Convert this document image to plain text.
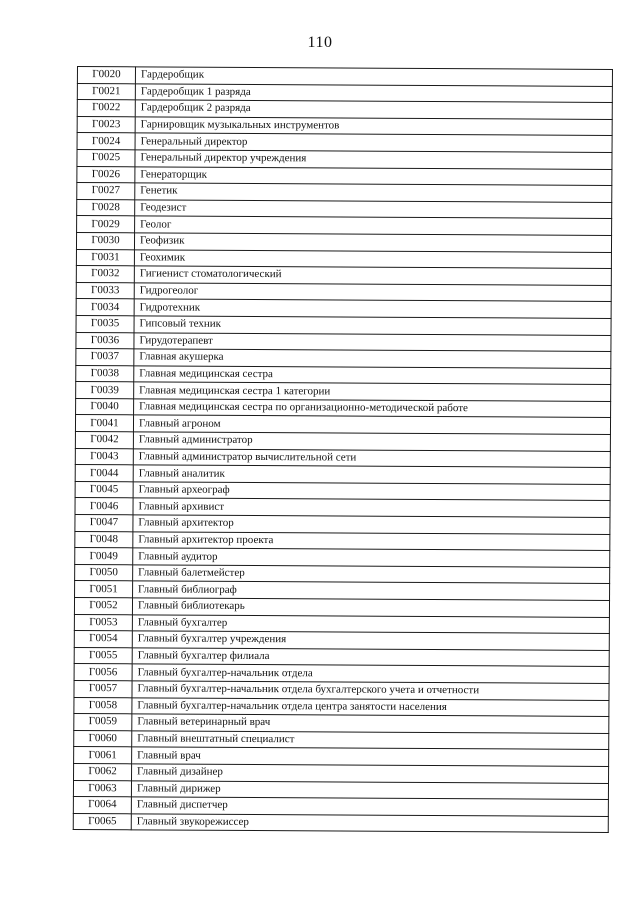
110
Г0020	Гардеробщик
Г0021	Гардеробщик 1 разряда
Г0022	Гардеробщик 2 разряда
Г0023	Гарнировщик музыкальных инструментов
Г0024	Генеральный директор
Г0025	Генеральный директор учреждения
Г0026	Генераторщик
Г0027	Генетик
Г0028	Геодезист
Г0029	Геолог
Г0030	Геофизик
Г0031	Геохимик
Г0032	Гигиенист стоматологический
Г0033	Гидрогеолог
Г0034	Гидротехник
Г0035	Гипсовый техник
Г0036	Гирудотерапевт
Г0037	Главная акушерка
Г0038	Главная медицинская сестра
Г0039	Главная медицинская сестра 1 категории
Г0040	Главная медицинская сестра по организационно-методической работе
Г0041	Главный агроном
Г0042	Главный администратор
Г0043	Главный администратор вычислительной сети
Г0044	Главный аналитик
Г0045	Главный археограф
Г0046	Главный архивист
Г0047	Главный архитектор
Г0048	Главный архитектор проекта
Г0049	Главный аудитор
Г0050	Главный балетмейстер
Г0051	Главный библиограф
Г0052	Главный библиотекарь
Г0053	Главный бухгалтер
Г0054	Главный бухгалтер учреждения
Г0055	Главный бухгалтер филиала
Г0056	Главный бухгалтер-начальник отдела
Г0057	Главный бухгалтер-начальник отдела бухгалтерского учета и отчетности
Г0058	Главный бухгалтер-начальник отдела центра занятости населения
Г0059	Главный ветеринарный врач
Г0060	Главный внештатный специалист
Г0061	Главный врач
Г0062	Главный дизайнер
Г0063	Главный дирижер
Г0064	Главный диспетчер
Г0065	Главный звукорежиссер
